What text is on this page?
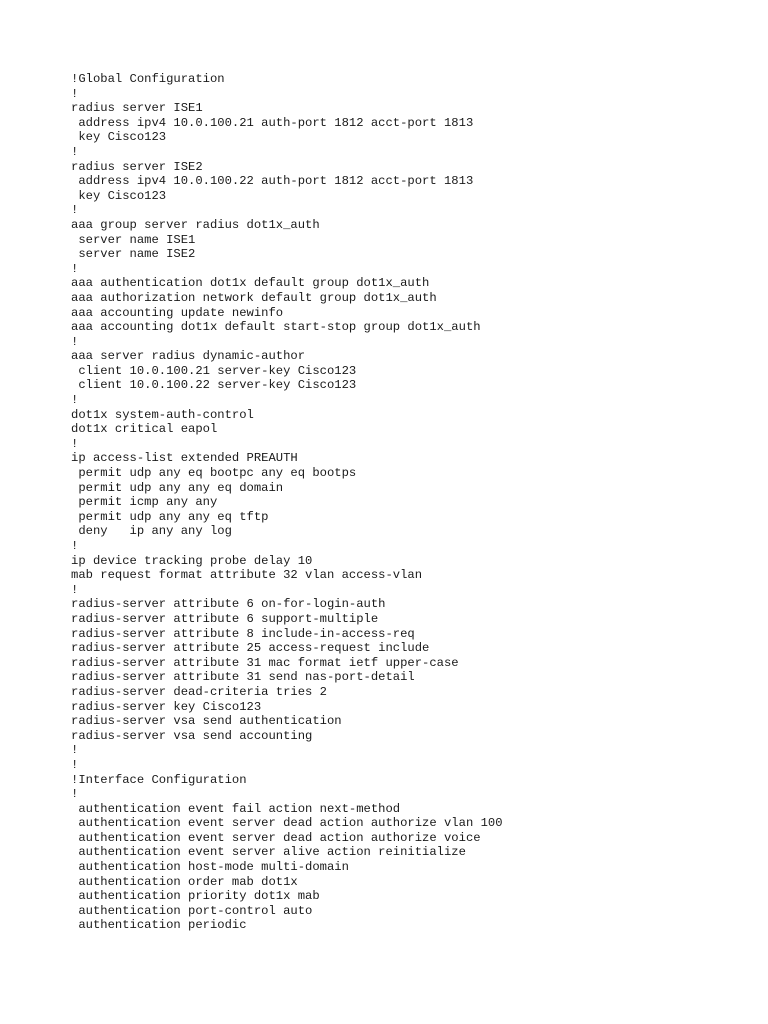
!Global Configuration
!
radius server ISE1
address ipv4 10.0.100.21 auth-port 1812 acct-port 1813
key Cisco123
!
radius server ISE2
address ipv4 10.0.100.22 auth-port 1812 acct-port 1813
key Cisco123
!
aaa group server radius dot1x_auth
server name ISE1
server name ISE2
!
aaa authentication dot1x default group dot1x_auth
aaa authorization network default group dot1x_auth
aaa accounting update newinfo
aaa accounting dot1x default start-stop group dot1x_auth
!
aaa server radius dynamic-author
client 10.0.100.21 server-key Cisco123
client 10.0.100.22 server-key Cisco123
!
dot1x system-auth-control
dot1x critical eapol
!
ip access-list extended PREAUTH
permit udp any eq bootpc any eq bootps
permit udp any any eq domain
permit icmp any any
permit udp any any eq tftp
deny   ip any any log
!
ip device tracking probe delay 10
mab request format attribute 32 vlan access-vlan
!
radius-server attribute 6 on-for-login-auth
radius-server attribute 6 support-multiple
radius-server attribute 8 include-in-access-req
radius-server attribute 25 access-request include
radius-server attribute 31 mac format ietf upper-case
radius-server attribute 31 send nas-port-detail
radius-server dead-criteria tries 2
radius-server key Cisco123
radius-server vsa send authentication
radius-server vsa send accounting
!
!
!Interface Configuration
!
authentication event fail action next-method
authentication event server dead action authorize vlan 100
authentication event server dead action authorize voice
authentication event server alive action reinitialize
authentication host-mode multi-domain
authentication order mab dot1x
authentication priority dot1x mab
authentication port-control auto
authentication periodic
